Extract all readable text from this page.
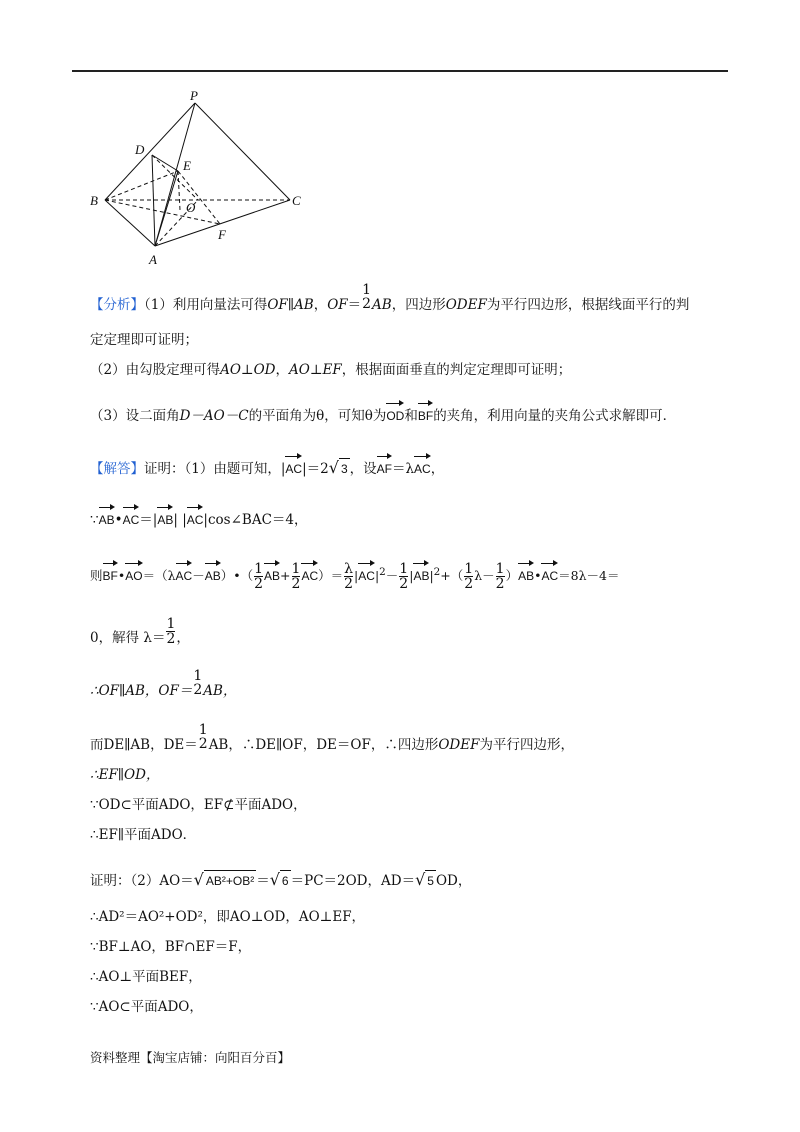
P
D
E
B	O	C
F
A
【分析】（1）利用向量法可得OF∥AB，OF＝
1
2 AB，四边形ODEF为平行四边形，根据线面平行的判
定定理即可证明；
（2）由勾股定理可得AO⊥OD，AO⊥EF，根据面面垂直的判定定理即可证明；
（3）设二面角D－AO－C的平面角为θ，可知θ为OD和BF的夹角，利用向量的夹角公式求解即可．
【解答】证明：（1）由题可知，|AC|＝2√ 3 ，设AF＝λAC，
∵AB•AC＝|AB| |AC|cos∠BAC＝4，
则BF•AO＝（λAC－AB）•（ $\frac{1}{2} AB+ \frac{1}{2} AC)= \frac{\lambda}{2} |AC|^2- \frac{1}{2} |AB|^2+( \frac{1}{2} \lambda- \frac{1}{2}$ ）AB•AC＝8λ－4＝
0，解得 $\lambda= \frac{1}{2}$ ，
∴OF∥AB，OF＝
1
2 AB，
而DE∥AB，DE＝
1
2 AB，∴DE∥OF，DE＝OF，∴四边形ODEF为平行四边形，
∴EF∥OD，
∵OD⊂平面ADO，EF⊄平面ADO，
∴EF∥平面ADO．
证明：（2）AO＝√ AB²+OB² ＝√ 6 ＝PC＝2OD，AD＝√ 5 OD，
∴AD²＝AO²+OD²，即AO⊥OD，AO⊥EF，
∵BF⊥AO，BF∩EF＝F，
∴AO⊥平面BEF，
∵AO⊂平面ADO，
资料整理【淘宝店铺：向阳百分百】
